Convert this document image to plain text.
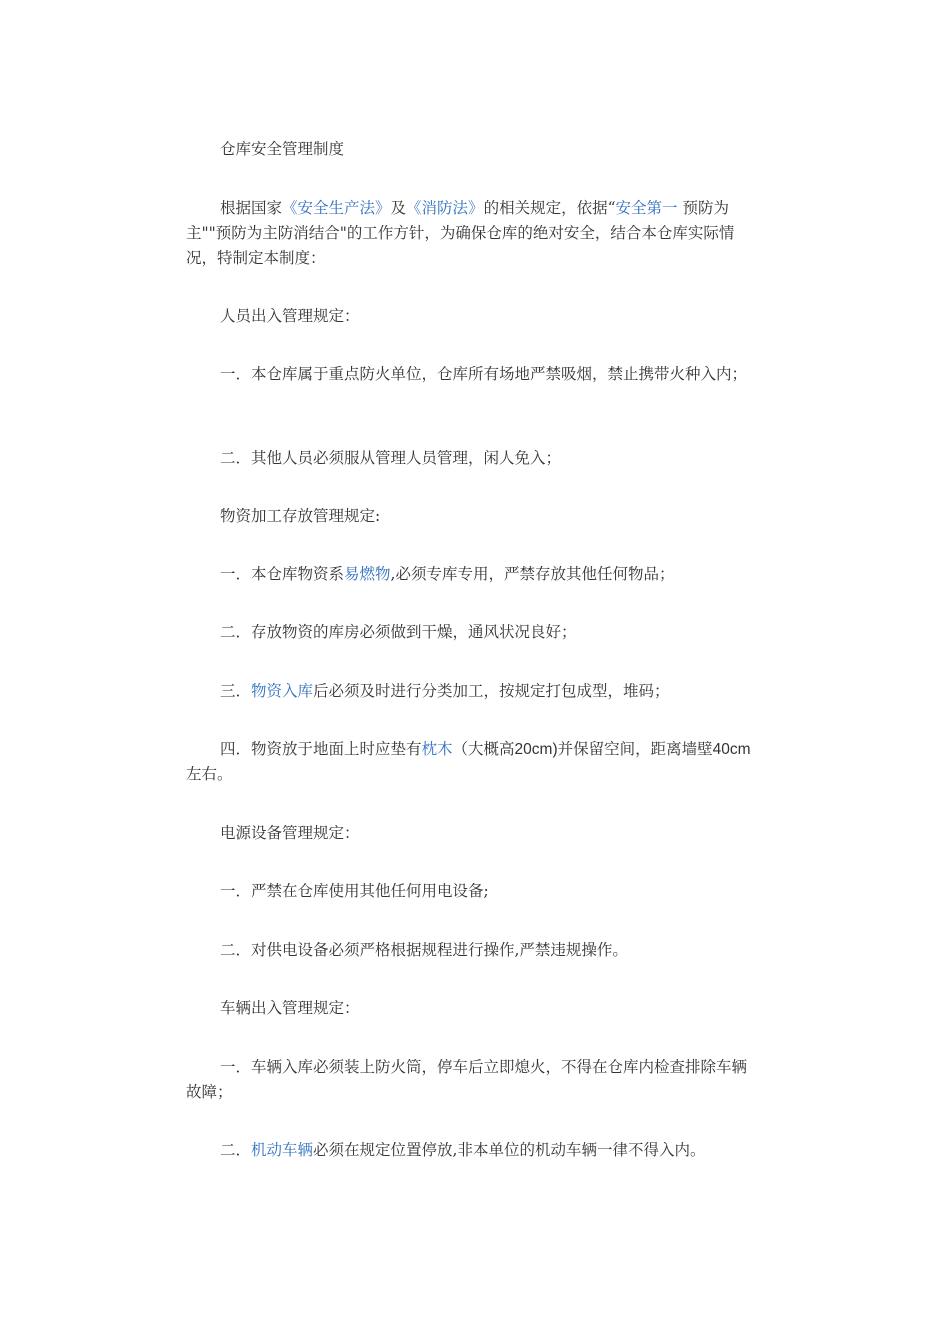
仓库安全管理制度

根据国家《安全生产法》及《消防法》的相关规定，依据“安全第一 预防为主""预防为主防消结合"的工作方针，为确保仓库的绝对安全，结合本仓库实际情况，特制定本制度：

人员出入管理规定：

一．本仓库属于重点防火单位，仓库所有场地严禁吸烟，禁止携带火种入内；

二．其他人员必须服从管理人员管理，闲人免入；

物资加工存放管理规定:

一．本仓库物资系易燃物,必须专库专用，严禁存放其他任何物品；

二．存放物资的库房必须做到干燥，通风状况良好；

三．物资入库后必须及时进行分类加工，按规定打包成型，堆码；

四．物资放于地面上时应垫有枕木（大概高20cm)并保留空间，距离墙壁40cm 左右。

电源设备管理规定：

一．严禁在仓库使用其他任何用电设备;

二．对供电设备必须严格根据规程进行操作,严禁违规操作。

车辆出入管理规定：

一．车辆入库必须装上防火筒，停车后立即熄火，不得在仓库内检查排除车辆故障；

二．机动车辆必须在规定位置停放,非本单位的机动车辆一律不得入内。
